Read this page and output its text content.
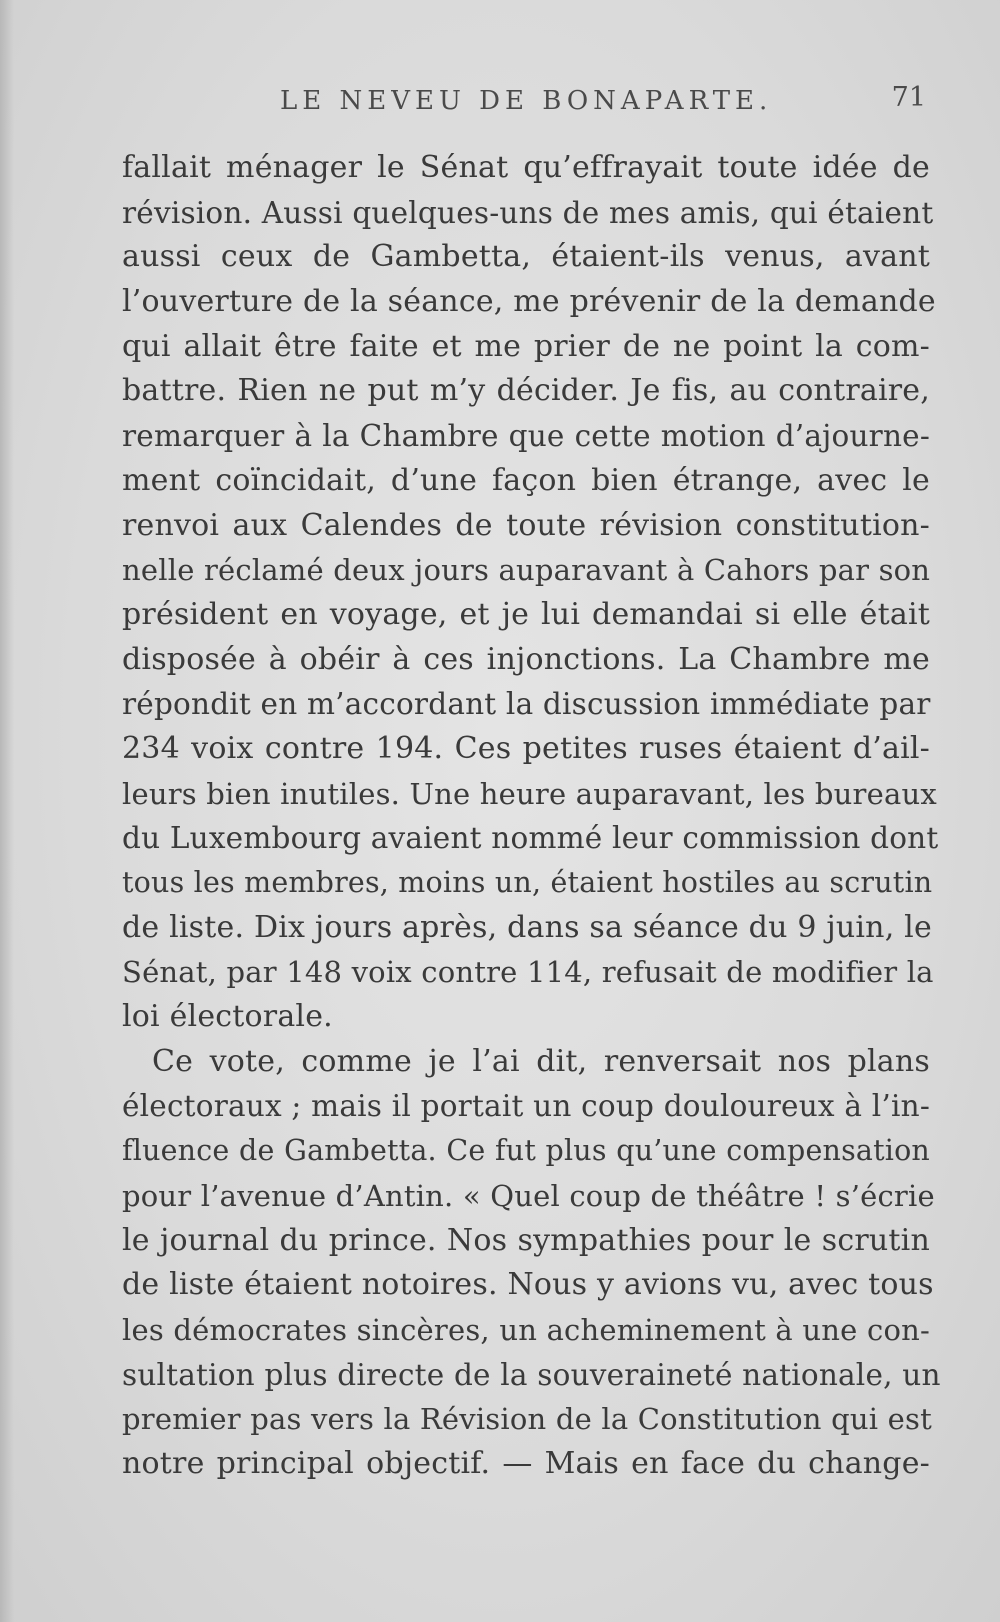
LE NEVEU DE BONAPARTE.	71
fallait ménager le Sénat qu’effrayait toute idée de
révision. Aussi quelques-uns de mes amis, qui étaient
aussi ceux de Gambetta, étaient-ils venus, avant
l’ouverture de la séance, me prévenir de la demande
qui allait être faite et me prier de ne point la com-
battre. Rien ne put m’y décider. Je fis, au contraire,
remarquer à la Chambre que cette motion d’ajourne-
ment coïncidait, d’une façon bien étrange, avec le
renvoi aux Calendes de toute révision constitution-
nelle réclamé deux jours auparavant à Cahors par son
président en voyage, et je lui demandai si elle était
disposée à obéir à ces injonctions. La Chambre me
répondit en m’accordant la discussion immédiate par
234 voix contre 194. Ces petites ruses étaient d’ail-
leurs bien inutiles. Une heure auparavant, les bureaux
du Luxembourg avaient nommé leur commission dont
tous les membres, moins un, étaient hostiles au scrutin
de liste. Dix jours après, dans sa séance du 9 juin, le
Sénat, par 148 voix contre 114, refusait de modifier la
loi électorale.
Ce vote, comme je l’ai dit, renversait nos plans
électoraux ; mais il portait un coup douloureux à l’in-
fluence de Gambetta. Ce fut plus qu’une compensation
pour l’avenue d’Antin. « Quel coup de théâtre ! s’écrie
le journal du prince. Nos sympathies pour le scrutin
de liste étaient notoires. Nous y avions vu, avec tous
les démocrates sincères, un acheminement à une con-
sultation plus directe de la souveraineté nationale, un
premier pas vers la Révision de la Constitution qui est
notre principal objectif. — Mais en face du change-
